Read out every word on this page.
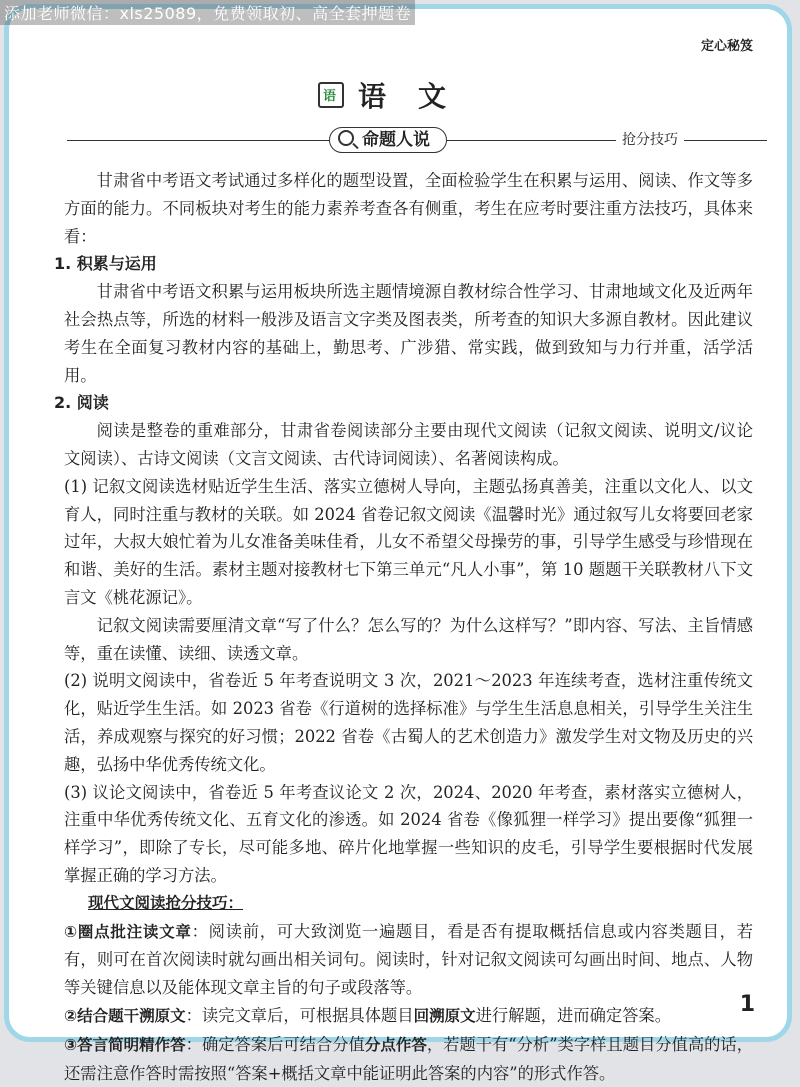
添加老师微信：xls25089，免费领取初、高全套押题卷
定心秘笈
语 语文
命题人说	抢分技巧

甘肃省中考语文考试通过多样化的题型设置，全面检验学生在积累与运用、阅读、作文等多方面的能力。不同板块对考生的能力素养考查各有侧重，考生在应考时要注重方法技巧，具体来看：

1. 积累与运用

甘肃省中考语文积累与运用板块所选主题情境源自教材综合性学习、甘肃地域文化及近两年社会热点等，所选的材料一般涉及语言文字类及图表类，所考查的知识大多源自教材。因此建议考生在全面复习教材内容的基础上，勤思考、广涉猎、常实践，做到致知与力行并重，活学活用。

2. 阅读

阅读是整卷的重难部分，甘肃省卷阅读部分主要由现代文阅读（记叙文阅读、说明文/议论文阅读）、古诗文阅读（文言文阅读、古代诗词阅读）、名著阅读构成。

(1) 记叙文阅读选材贴近学生生活、落实立德树人导向，主题弘扬真善美，注重以文化人、以文育人，同时注重与教材的关联。如 2024 省卷记叙文阅读《温馨时光》通过叙写儿女将要回老家过年，大叔大娘忙着为儿女准备美味佳肴，儿女不希望父母操劳的事，引导学生感受与珍惜现在和谐、美好的生活。素材主题对接教材七下第三单元“凡人小事”，第 10 题题干关联教材八下文言文《桃花源记》。

记叙文阅读需要厘清文章“写了什么？怎么写的？为什么这样写？”即内容、写法、主旨情感等，重在读懂、读细、读透文章。

(2) 说明文阅读中，省卷近 5 年考查说明文 3 次，2021～2023 年连续考查，选材注重传统文化，贴近学生生活。如 2023 省卷《行道树的选择标准》与学生生活息息相关，引导学生关注生活，养成观察与探究的好习惯；2022 省卷《古蜀人的艺术创造力》激发学生对文物及历史的兴趣，弘扬中华优秀传统文化。

(3) 议论文阅读中，省卷近 5 年考查议论文 2 次，2024、2020 年考查，素材落实立德树人，注重中华优秀传统文化、五育文化的渗透。如 2024 省卷《像狐狸一样学习》提出要像“狐狸一样学习”，即除了专长，尽可能多地、碎片化地掌握一些知识的皮毛，引导学生要根据时代发展掌握正确的学习方法。

现代文阅读抢分技巧：

①圈点批注读文章：阅读前，可大致浏览一遍题目，看是否有提取概括信息或内容类题目，若有，则可在首次阅读时就勾画出相关词句。阅读时，针对记叙文阅读可勾画出时间、地点、人物等关键信息以及能体现文章主旨的句子或段落等。

②结合题干溯原文：读完文章后，可根据具体题目回溯原文进行解题，进而确定答案。

③答言简明精作答：确定答案后可结合分值分点作答，若题干有“分析”类字样且题目分值高的话，还需注意作答时需按照“答案+概括文章中能证明此答案的内容”的形式作答。

1
